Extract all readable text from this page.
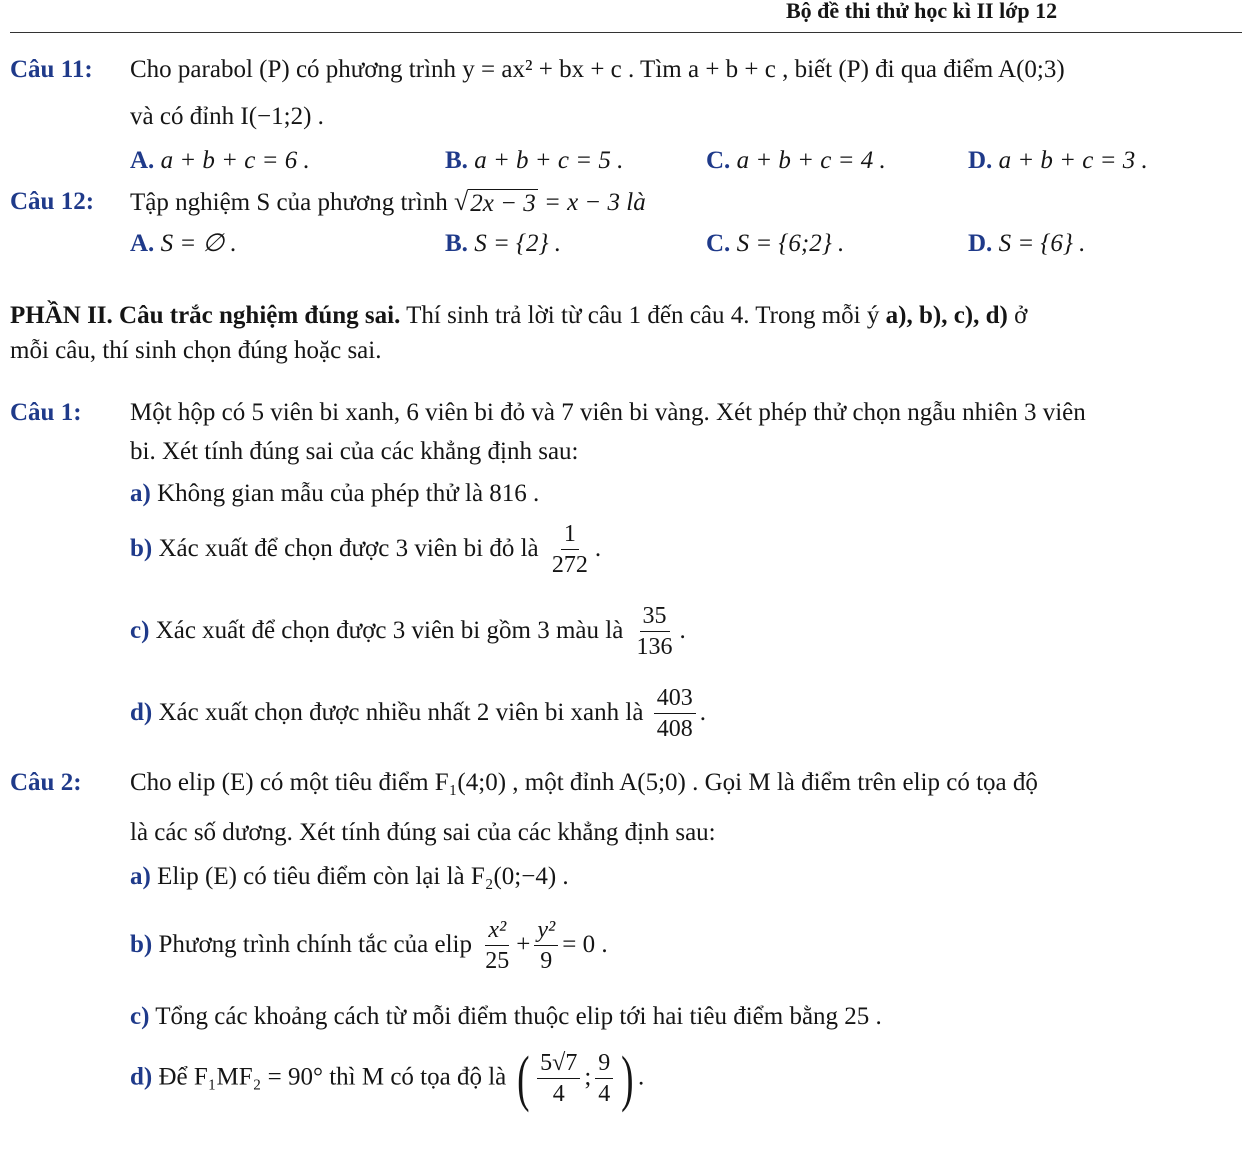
Bộ đề thi thử học kì II lớp 12
Câu 11: Cho parabol (P) có phương trình y = ax² + bx + c . Tìm a + b + c , biết (P) đi qua điểm A(0;3)
và có đỉnh I(−1;2) .
A. a + b + c = 6 .	B. a + b + c = 5 .	C. a + b + c = 4 .	D. a + b + c = 3 .
Câu 12: Tập nghiệm S của phương trình √ 2x − 3 = x − 3 là
A. S = ∅ .	B. S = {2} .	C. S = {6;2} .	D. S = {6} .
PHẦN II. Câu trắc nghiệm đúng sai. Thí sinh trả lời từ câu 1 đến câu 4. Trong mỗi ý a), b), c), d) ở
mỗi câu, thí sinh chọn đúng hoặc sai.
Câu 1: Một hộp có 5 viên bi xanh, 6 viên bi đỏ và 7 viên bi vàng. Xét phép thử chọn ngẫu nhiên 3 viên
bi. Xét tính đúng sai của các khẳng định sau:
a) Không gian mẫu của phép thử là 816 .
b) Xác xuất để chọn được 3 viên bi đỏ là $\frac{1}{272}$ .
c) Xác xuất để chọn được 3 viên bi gồm 3 màu là $\frac{35}{136}$ .
d) Xác xuất chọn được nhiều nhất 2 viên bi xanh là $\frac{403}{408}$ .
Câu 2: Cho elip (E) có một tiêu điểm F₁(4;0) , một đỉnh A(5;0) . Gọi M là điểm trên elip có tọa độ
là các số dương. Xét tính đúng sai của các khẳng định sau:
a) Elip (E) có tiêu điểm còn lại là F₂(0;−4) .
b) Phương trình chính tắc của elip $\frac{\text{x²}}{25} + \frac{\text{y²}}{9} = 0$ .
c) Tổng các khoảng cách từ mỗi điểm thuộc elip tới hai tiêu điểm bằng 25 .
d) Để F₁MF₂ = 90° thì M có tọa độ là ( $\frac{5√7}{4}$ ; $\frac{9}{4}$ ) .
